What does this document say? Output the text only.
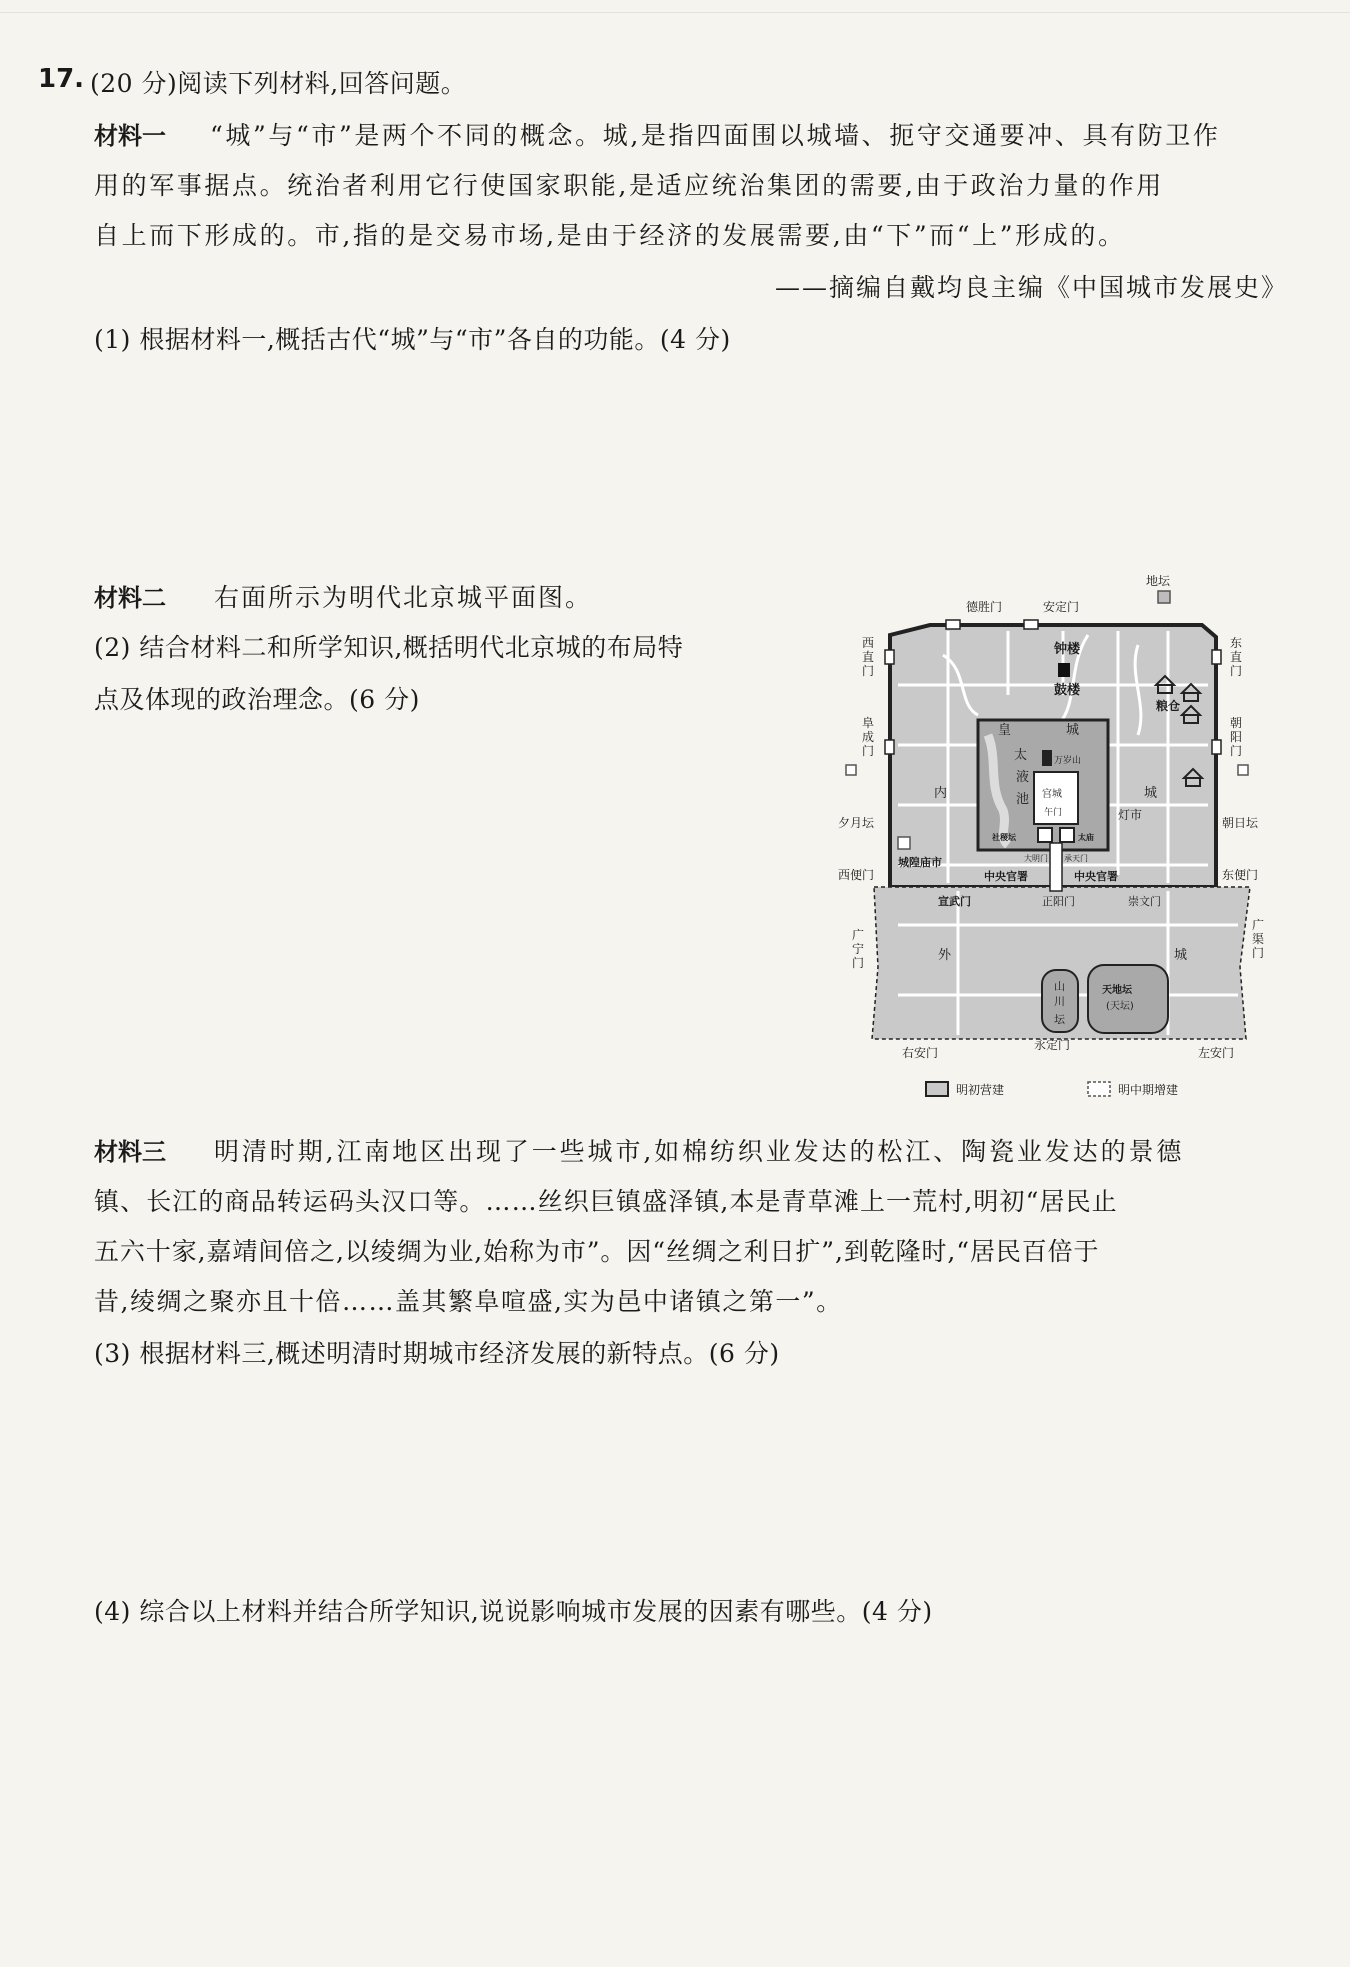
17. (20 分)阅读下列材料,回答问题。
材料一 “城”与“市”是两个不同的概念。城,是指四面围以城墙、扼守交通要冲、具有防卫作
用的军事据点。统治者利用它行使国家职能,是适应统治集团的需要,由于政治力量的作用
自上而下形成的。市,指的是交易市场,是由于经济的发展需要,由“下”而“上”形成的。
——摘编自戴均良主编《中国城市发展史》
(1) 根据材料一,概括古代“城”与“市”各自的功能。(4 分)
材料二 右面所示为明代北京城平面图。
(2) 结合材料二和所学知识,概括明代北京城的布局特
点及体现的政治理念。(6 分)
德胜门	安定门
地坛
西
直
门
东
直
门
阜
成
门
朝
阳
门
钟楼
鼓楼
粮仓
皇	城
太
液
池
万岁山
宫城
午门
内	城
灯市
夕月坛	朝日坛
城隍庙市
社稷坛	太庙
大明门 承天门
西便门	东便门
中央官署	中央官署
宣武门	正阳门	崇文门
广
宁
门
广
渠
门
外	城
山
川
坛
天地坛
(天坛)
右安门
永定门
左安门
明初营建	明中期增建
材料三 明清时期,江南地区出现了一些城市,如棉纺织业发达的松江、陶瓷业发达的景德
镇、长江的商品转运码头汉口等。……丝织巨镇盛泽镇,本是青草滩上一荒村,明初“居民止
五六十家,嘉靖间倍之,以绫绸为业,始称为市”。因“丝绸之利日扩”,到乾隆时,“居民百倍于
昔,绫绸之聚亦且十倍……盖其繁阜喧盛,实为邑中诸镇之第一”。
(3) 根据材料三,概述明清时期城市经济发展的新特点。(6 分)
(4) 综合以上材料并结合所学知识,说说影响城市发展的因素有哪些。(4 分)
